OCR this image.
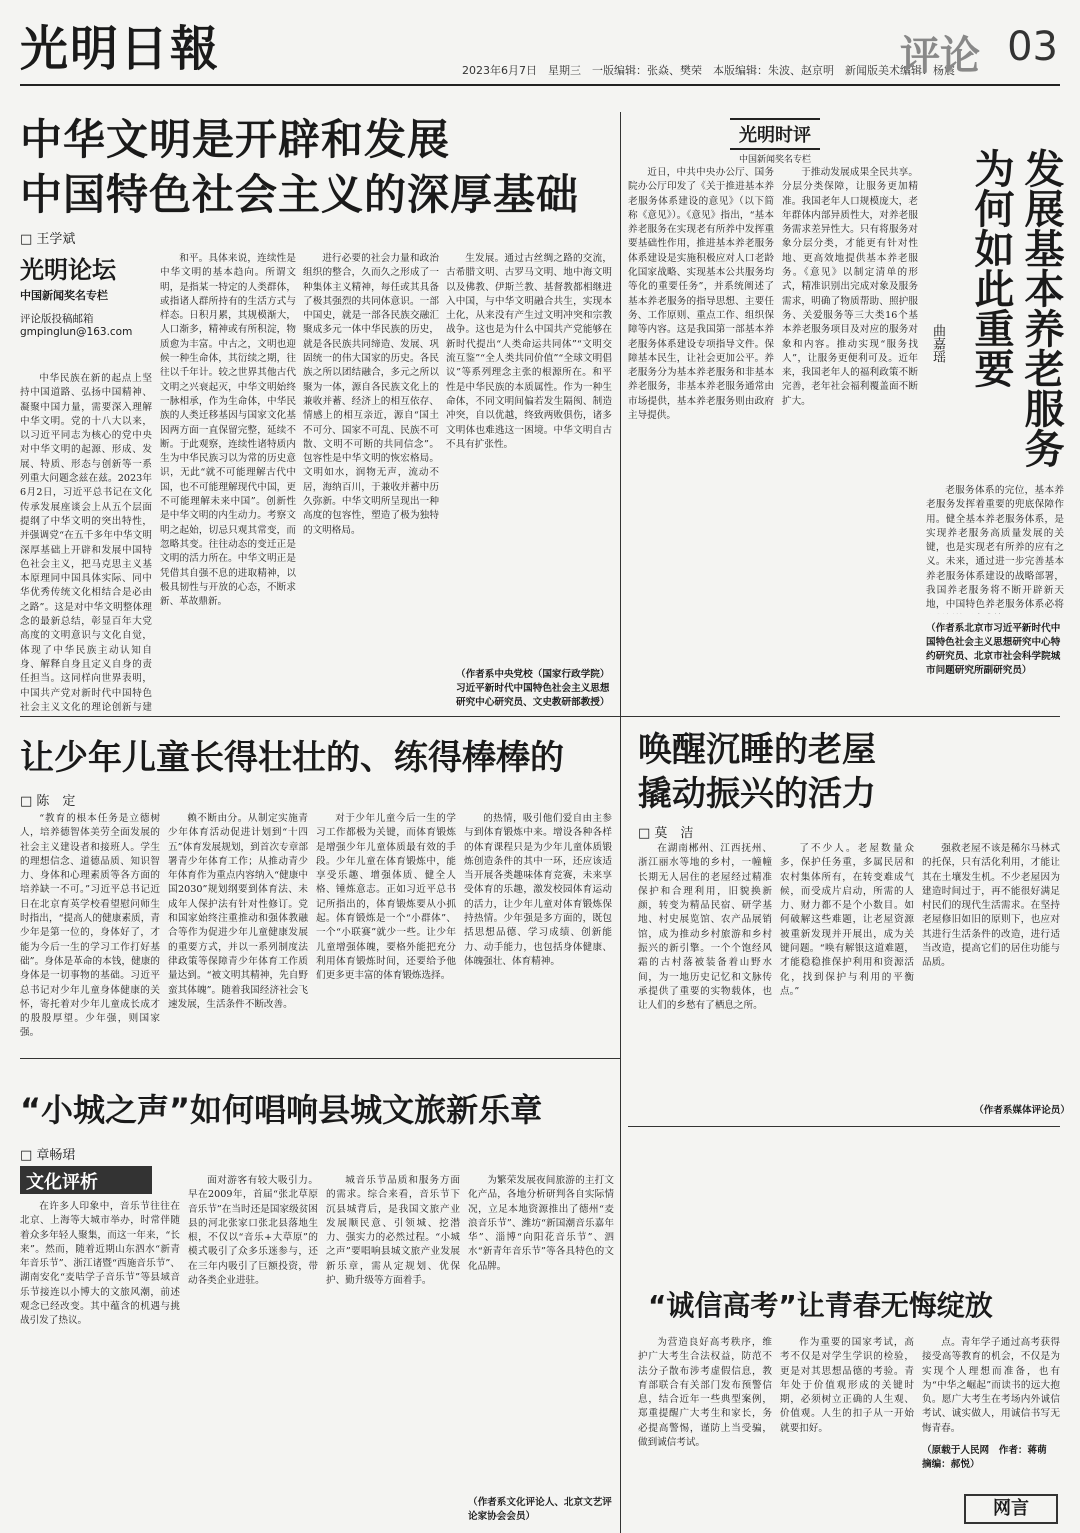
光明日報	2023年6月7日　星期三　一版编辑：张焱、樊荣　本版编辑：朱波、赵京明　新闻版美术编辑：杨震
评论 03
中华文明是开辟和发展
中国特色社会主义的深厚基础
□ 王学斌
光明论坛
中国新闻奖名专栏
评论版投稿邮箱
gmpinglun@163.com
中华民族在新的起点上坚持中国道路、弘扬中国精神、凝聚中国力量，需要深入理解中华文明。党的十八大以来，以习近平同志为核心的党中央对中华文明的起源、形成、发展、特质、形态与创新等一系列重大问题念兹在兹。2023年6月2日，习近平总书记在文化传承发展座谈会上从五个层面提纲了中华文明的突出特性，并强调党“在五千多年中华文明深厚基础上开辟和发展中国特色社会主义，把马克思主义基本原理同中国具体实际、同中华优秀传统文化相结合是必由之路”。这是对中华文明整体理念的最新总结，彰显百年大党高度的文明意识与文化自觉，体现了中华民族主动认知自身、解释自身且定义自身的责任担当。这同样向世界表明，中国共产党对新时代中国特色社会主义文化的理论创新与建
和平。具体来说，连续性是中华文明的基本趋向。所谓文明，是指某一特定的人类群体，或指诸人群所持有的生活方式与样态。日积月累，其规模渐大，人口渐多，精神或有所积淀，物质愈为丰富。中古之，文明也迎候一种生命体，其衍续之期，往往以千年计。较之世界其他古代文明之兴衰起灭，中华文明始终一脉相承，作为生命体，中华民族的人类迁移基因与国家文化基因两方面一直保留完整，延续不断。于此观察，连续性诸特质内生为中华民族习以为常的历史意识，无此“就不可能理解古代中国，也不可能理解现代中国，更不可能理解未来中国”。创新性是中华文明的内生动力。考察文明之起始，切忌只观其常变，而忽略其变。往往动态的变迁正是文明的活力所在。中华文明正是凭借其自强不息的进取精神，以极具韧性与开放的心态，不断求新、革故鼎新。
进行必要的社会力量和政治组织的整合，久而久之形成了一种集体主义精神，每任或其具备了极其强烈的共同体意识。一部中国史，就是一部各民族交融汇聚成多元一体中华民族的历史，就是各民族共同缔造、发展、巩固统一的伟大国家的历史。各民族之所以团结融合，多元之所以聚为一体，源自各民族文化上的兼收并蓄、经济上的相互依存、情感上的相互亲近，源自“国土不可分、国家不可乱、民族不可散、文明不可断的共同信念”。包容性是中华文明的恢宏格局。文明如水，润物无声，流动不居，海纳百川，于兼收并蓄中历久弥新。中华文明所呈现出一种高度的包容性，塑造了极为独特的文明格局。
生发展。通过古丝绸之路的交流，古希腊文明、古罗马文明、地中海文明以及佛教、伊斯兰教、基督教都相继进入中国，与中华文明融合共生，实现本土化，从来没有产生过文明冲突和宗教战争。这也是为什么中国共产党能够在新时代提出“人类命运共同体”“文明交流互鉴”“全人类共同价值”“全球文明倡议”等系列理念主张的根源所在。和平性是中华民族的本质属性。作为一种生命体，不同文明间偏若发生隔阂、制造冲突，自以优越，终致两败俱伤，诸多文明体也难逃这一困境。中华文明自古不具有扩张性。
（作者系中央党校（国家行政学院）习近平新时代中国特色社会主义思想研究中心研究员、文史教研部教授）
光明时评
中国新闻奖名专栏	发展基本养老服务
为何如此重要
曲嘉瑶
近日，中共中央办公厅、国务院办公厅印发了《关于推进基本养老服务体系建设的意见》（以下简称《意见》）。《意见》指出，“基本养老服务在实现老有所养中发挥重要基础性作用，推进基本养老服务体系建设是实施积极应对人口老龄化国家战略、实现基本公共服务均等化的重要任务”，并系统阐述了基本养老服务的指导思想、主要任务、工作原则、重点工作、组织保障等内容。这是我国第一部基本养老服务体系建设专项指导文件。保障基本民生，让社会更加公平。养老服务分为基本养老服务和非基本养老服务，非基本养老服务通常由市场提供，基本养老服务则由政府主导提供。
于推动发展成果全民共享。分层分类保障，让服务更加精准。我国老年人口规模庞大，老年群体内部异质性大，对养老服务需求差异性大。只有将服务对象分层分类，才能更有针对性地、更高效地提供基本养老服务。《意见》以制定清单的形式，精准识别出完成对象及服务需求，明确了物质帮助、照护服务、关爱服务等三大类16个基本养老服务项目及对应的服务对象和内容。推动实现“服务找人”，让服务更便利可及。近年来，我国老年人的福利政策不断完善，老年社会福利覆盖面不断扩大。
老服务体系的完位，基本养老服务发挥着重要的兜底保障作用。健全基本养老服务体系，是实现养老服务高质量发展的关键，也是实现老有所养的应有之义。未来，通过进一步完善基本养老服务体系建设的战略部署，我国养老服务将不断开辟新天地，中国特色养老服务体系必将
（作者系北京市习近平新时代中国特色社会主义思想研究中心特约研究员、北京市社会科学院城市问题研究所副研究员）
让少年儿童长得壮壮的、练得棒棒的
□ 陈　定
“教育的根本任务是立德树人，培养德智体美劳全面发展的社会主义建设者和接班人。学生的理想信念、道德品质、知识智力、身体和心理素质等各方面的培养缺一不可。”习近平总书记近日在北京育英学校看望慰问师生时指出，“提高人的健康素质，青少年是第一位的，身体好了，才能为今后一生的学习工作打好基础”。身体是革命的本钱，健康的身体是一切事物的基础。习近平总书记对少年儿童身体健康的关怀，寄托着对少年儿童成长成才的殷殷厚望。少年强，则国家强。
赖不断由分。从制定实施青少年体育活动促进计划到“十四五”体育发展规划，到首次专章部署青少年体育工作；从推动青少年体育作为重点内容纳入“健康中国2030”规划纲要到体育法、未成年人保护法有针对性修订。党和国家始终注重推动和强体教融合等作为促进少年儿童健康发展的重要方式，并以一系列制度法律政策等保障青少年体育工作质量达到。“被文明其精神，先自野蛮其体魄”。随着我国经济社会飞速发展，生活条件不断改善。
对于少年儿童今后一生的学习工作都极为关键，而体育锻炼是增强少年儿童体质最有效的手段。少年儿童在体育锻炼中，能享受乐趣、增强体质、健全人格、锤炼意志。正如习近平总书记所指出的，体育锻炼要从小抓起。体育锻炼是一个“小群体”、一个“小联赛”就少一些。让少年儿童增强体魄，要格外能把充分利用体育锻炼时间，还要给予他们更多更丰富的体育锻炼选择。
的热情，吸引他们爱自由主参与到体育锻炼中来。增设各种各样的体育课程只是为少年儿童体质锻炼创造条件的其中一环，还应该适当开展各类趣味体育竞赛，未来享受体育的乐趣，激发校园体育运动的活力，让少年儿童对体育锻炼保持热情。少年强是多方面的，既包括思想品德、学习成绩、创新能力、动手能力，也包括身体健康、体魄强壮、体育精神。
唤醒沉睡的老屋
撬动振兴的活力
□ 莫　洁
在湖南郴州、江西抚州、浙江丽水等地的乡村，一幢幢长期无人居住的老屋经过精准保护和合理利用，旧貌换新颜，转变为精品民宿、研学基地、村史展览馆、农产品展销馆，成为推动乡村旅游和乡村振兴的新引擎。一个个饱经风霜的古村落被装备着山野水间，为一地历史记忆和文脉传承提供了重要的实物载体，也让人们的乡愁有了栖息之所。
了不少人。老屋数量众多，保护任务重，多属民居和农村集体所有，在转变难成气候，而受成片启动，所需的人力、财力都不是个小数目。如何破解这些难题，让老屋资源被重新发现并开展出，成为关键问题。“唤有解银这道难题，才能稳稳推保护利用和资源活化，找到保护与利用的平衡点。”
强救老屋不该是稀尔马林式的托保，只有活化利用，才能让其在土壤发生机。不少老屋因为建造时间过于，再不能很好满足村民们的现代生活需求。在坚持老屋修旧如旧的原则下，也应对其进行生活条件的改造，进行适当改造，提高它们的居住功能与品质。
（作者系媒体评论员）
“小城之声”如何唱响县城文旅新乐章
□ 章畅珺
文化评析
在许多人印象中，音乐节往往在北京、上海等大城市举办，时常伴随着众多年轻人聚集，而这一年来，“长来”。然而，随着近期山东泗水“新青年音乐节”、浙江诸暨“西施音乐节”、湖南安化“麦咭学子音乐节”等县域音乐节接连以小博大的文旅风潮，前述观念已经改变。其中蕴含的机遇与挑战引发了热议。
面对游客有较大吸引力。早在2009年，首届“张北草原音乐节”在当时还是国家级贫困县的河北张家口张北县落地生根，不仅以“音乐+大草原”的模式吸引了众多乐迷参与，还在三年内吸引了巨额投资，带动各类企业进驻。
城音乐节品质和服务方面的需求。综合来看，音乐节下沉县城背后，是我国文旅产业发展顺民意、引领城、挖潜力、强实力的必然过程。“小城之声”要唱响县城文旅产业发展新乐章，需从定规划、优保护、勤升级等方面着手。
为繁荣发展夜间旅游的主打文化产品，各地分析研判各自实际情况，立足本地资源推出了德州“麦浪音乐节”、潍坊“新国潮音乐嘉年华”、淄博“向阳花音乐节”、泗水“新青年音乐节”等各具特色的文化品牌。
（作者系文化评论人、北京文艺评论家协会会员）
“诚信高考”让青春无悔绽放
为营造良好高考秩序，维护广大考生合法权益，防范不法分子散布涉考虚假信息，教育部联合有关部门发布预警信息，结合近年一些典型案例，郑重提醒广大考生和家长，务必提高警惕，谨防上当受骗，做到诚信考试。
作为重要的国家考试，高考不仅是对学生学识的检验，更是对其思想品德的考验。青年处于价值观形成的关键时期，必须树立正确的人生观、价值观。人生的扣子从一开始就要扣好。
点。青年学子通过高考获得接受高等教育的机会，不仅是为实现个人理想而准备，也有为“中华之崛起”而读书的远大抱负。愿广大考生在考场内外诚信考试、诚实做人，用诚信书写无悔青春。
（原载于人民网　作者：蒋萌　摘编：郝悦）
网言
